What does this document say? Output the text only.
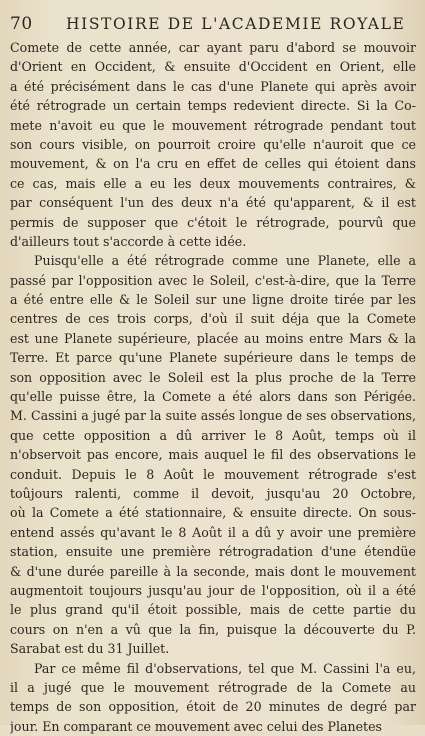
70	HISTOIRE DE L'ACADEMIE ROYALE
Comete de cette année, car ayant paru d'abord se mouvoir
d'Orient en Occident, & ensuite d'Occident en Orient, elle
a été précisément dans le cas d'une Planete qui après avoir
été rétrograde un certain temps redevient directe. Si la Co-
mete n'avoit eu que le mouvement rétrograde pendant tout
son cours visible, on pourroit croire qu'elle n'auroit que ce
mouvement, & on l'a cru en effet de celles qui étoient dans
ce cas, mais elle a eu les deux mouvements contraires, &
par conséquent l'un des deux n'a été qu'apparent, & il est
permis de supposer que c'étoit le rétrograde, pourvû que
d'ailleurs tout s'accorde à cette idée.
Puisqu'elle a été rétrograde comme une Planete, elle a
passé par l'opposition avec le Soleil, c'est-à-dire, que la Terre
a été entre elle & le Soleil sur une ligne droite tirée par les
centres de ces trois corps, d'où il suit déja que la Comete
est une Planete supérieure, placée au moins entre Mars & la
Terre. Et parce qu'une Planete supérieure dans le temps de
son opposition avec le Soleil est la plus proche de la Terre
qu'elle puisse être, la Comete a été alors dans son Périgée.
M. Cassini a jugé par la suite assés longue de ses observations,
que cette opposition a dû arriver le 8 Août, temps où il
n'observoit pas encore, mais auquel le fil des observations le
conduit. Depuis le 8 Août le mouvement rétrograde s'est
toûjours ralenti, comme il devoit, jusqu'au 20 Octobre,
où la Comete a été stationnaire, & ensuite directe. On sous-
entend assés qu'avant le 8 Août il a dû y avoir une première
station, ensuite une première rétrogradation d'une étendüe
& d'une durée pareille à la seconde, mais dont le mouvement
augmentoit toujours jusqu'au jour de l'opposition, où il a été
le plus grand qu'il étoit possible, mais de cette partie du
cours on n'en a vû que la fin, puisque la découverte du P.
Sarabat est du 31 Juillet.
Par ce même fil d'observations, tel que M. Cassini l'a eu,
il a jugé que le mouvement rétrograde de la Comete au
temps de son opposition, étoit de 20 minutes de degré par
jour. En comparant ce mouvement avec celui des Planetes
